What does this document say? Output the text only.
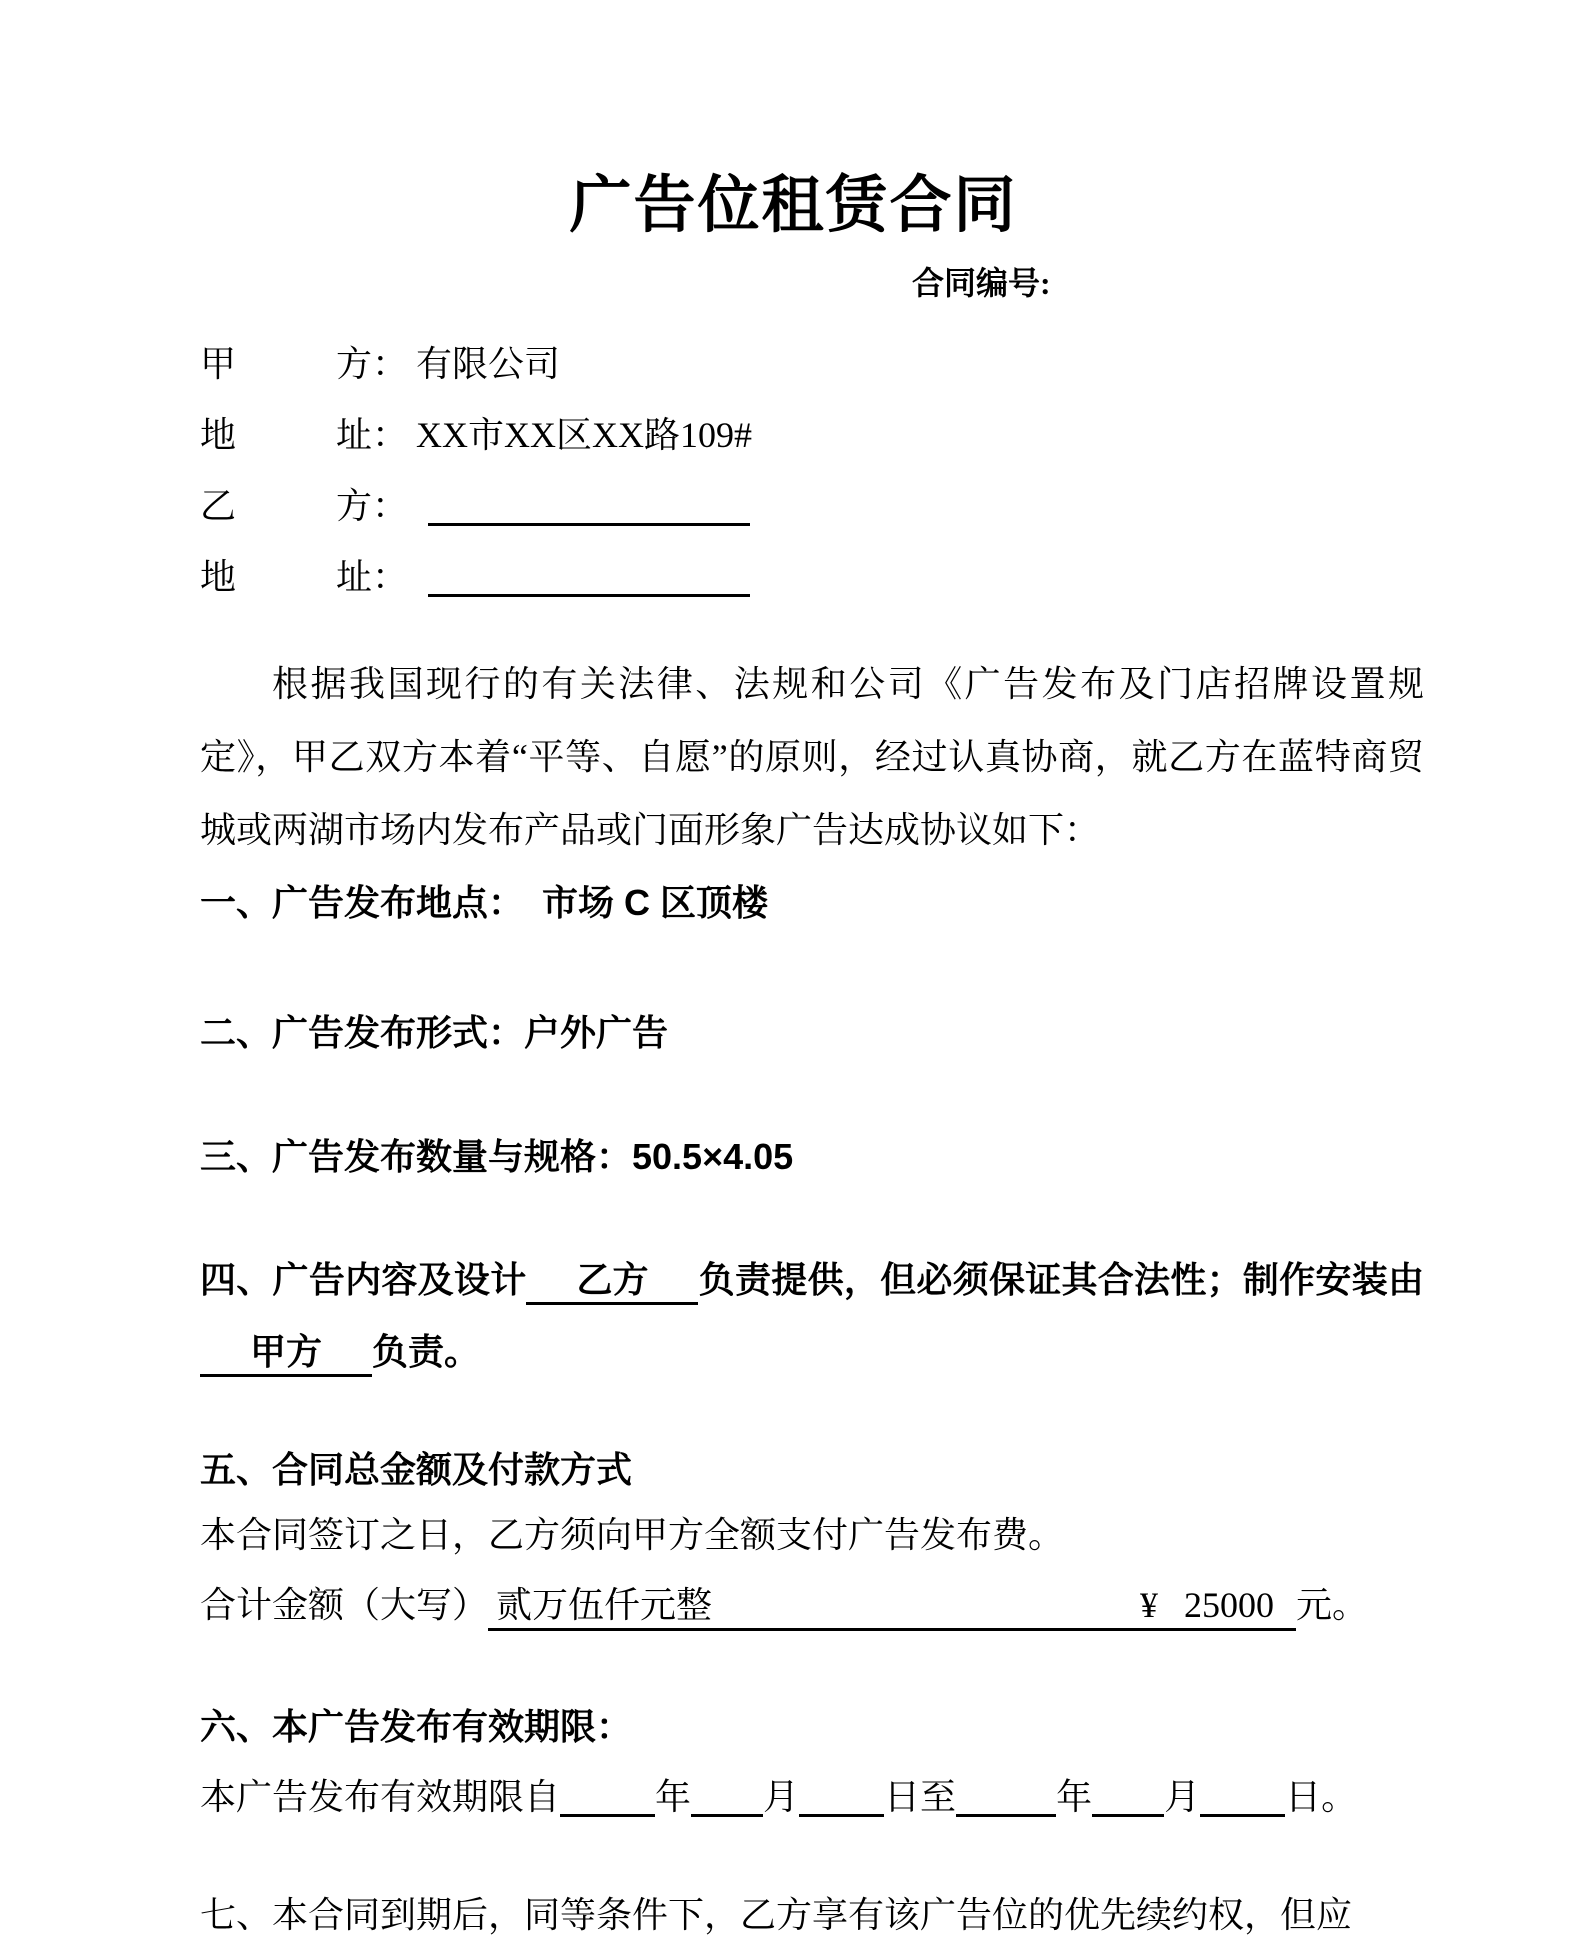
广告位租赁合同
合同编号:
甲	方： 有限公司
地	址： XX市XX区XX路109#
乙	方：
地	址：

根据我国现行的有关法律、法规和公司《广告发布及门店招牌设置规定》，甲乙双方本着“平等、自愿”的原则，经过认真协商，就乙方在蓝特商贸城或两湖市场内发布产品或门面形象广告达成协议如下：

一、广告发布地点：　市场 C 区顶楼
二、广告发布形式：户外广告
三、广告发布数量与规格：50.5×4.05
四、广告内容及设计 乙方 负责提供，但必须保证其合法性；制作安装由甲方 负责。
五、合同总金额及付款方式
本合同签订之日，乙方须向甲方全额支付广告发布费。
合计金额（大写） 贰万伍仟元整	¥ 25000 元。
六、本广告发布有效期限：
本广告发布有效期限自	年 月 日至	年 月 日。
七、本合同到期后，同等条件下，乙方享有该广告位的优先续约权，但应
